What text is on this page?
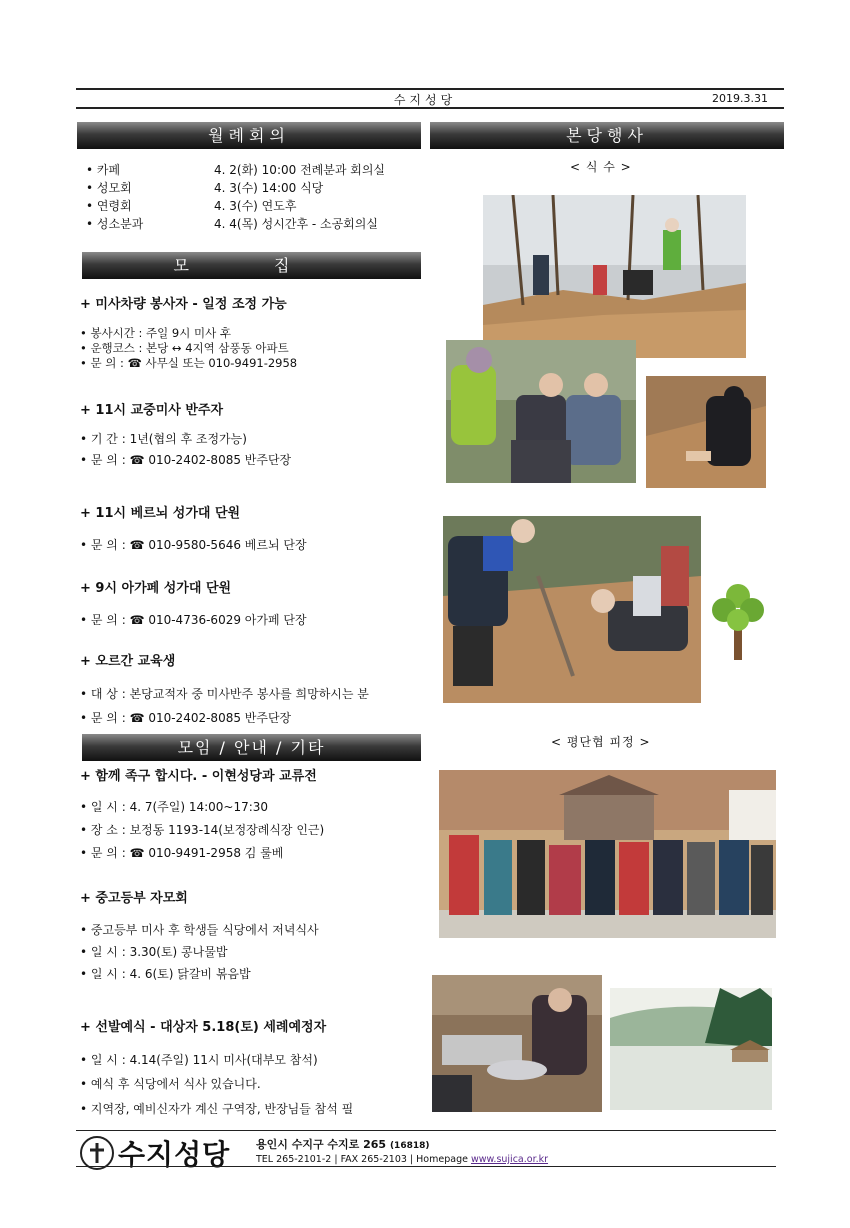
수지성당	2019.3.31
월례회의
• 카페	4. 2(화) 10:00 전례분과 회의실
• 성모회	4. 3(수) 14:00 식당
• 연령회	4. 3(수) 연도후
• 성소분과	4. 4(목) 성시간후 - 소공회의실
모 집
+ 미사차량 봉사자 - 일정 조정 가능
• 봉사시간 : 주일 9시 미사 후
• 운행코스 : 본당 ↔ 4지역 삼풍동 아파트
• 문 의 : ☎ 사무실 또는 010-9491-2958
+ 11시 교중미사 반주자
• 기 간 : 1년(협의 후 조정가능)
• 문 의 : ☎ 010-2402-8085 반주단장
+ 11시 베르뇌 성가대 단원
• 문 의 : ☎ 010-9580-5646 베르뇌 단장
+ 9시 아가페 성가대 단원
• 문 의 : ☎ 010-4736-6029 아가페 단장
+ 오르간 교육생
• 대 상 : 본당교적자 중 미사반주 봉사를 희망하시는 분
• 문 의 : ☎ 010-2402-8085 반주단장
모임 / 안내 / 기타
+ 함께 족구 합시다. - 이현성당과 교류전
• 일 시 : 4. 7(주일) 14:00~17:30
• 장 소 : 보정동 1193-14(보정장례식장 인근)
• 문 의 : ☎ 010-9491-2958 김 룰베
+ 중고등부 자모회
• 중고등부 미사 후 학생들 식당에서 저녁식사
• 일 시 : 3.30(토) 콩나물밥
• 일 시 : 4. 6(토) 닭갈비 볶음밥
+ 선발예식 - 대상자 5.18(토) 세례예정자
• 일 시 : 4.14(주일) 11시 미사(대부모 참석)
• 예식 후 식당에서 식사 있습니다.
• 지역장, 예비신자가 계신 구역장, 반장님들 참석 필
본당행사
< 식 수 >
< 평단협 피정 >
수지성당 용인시 수지구 수지로 265 (16818)
TEL 265-2101-2 | FAX 265-2103 | Homepage www.sujica.or.kr
